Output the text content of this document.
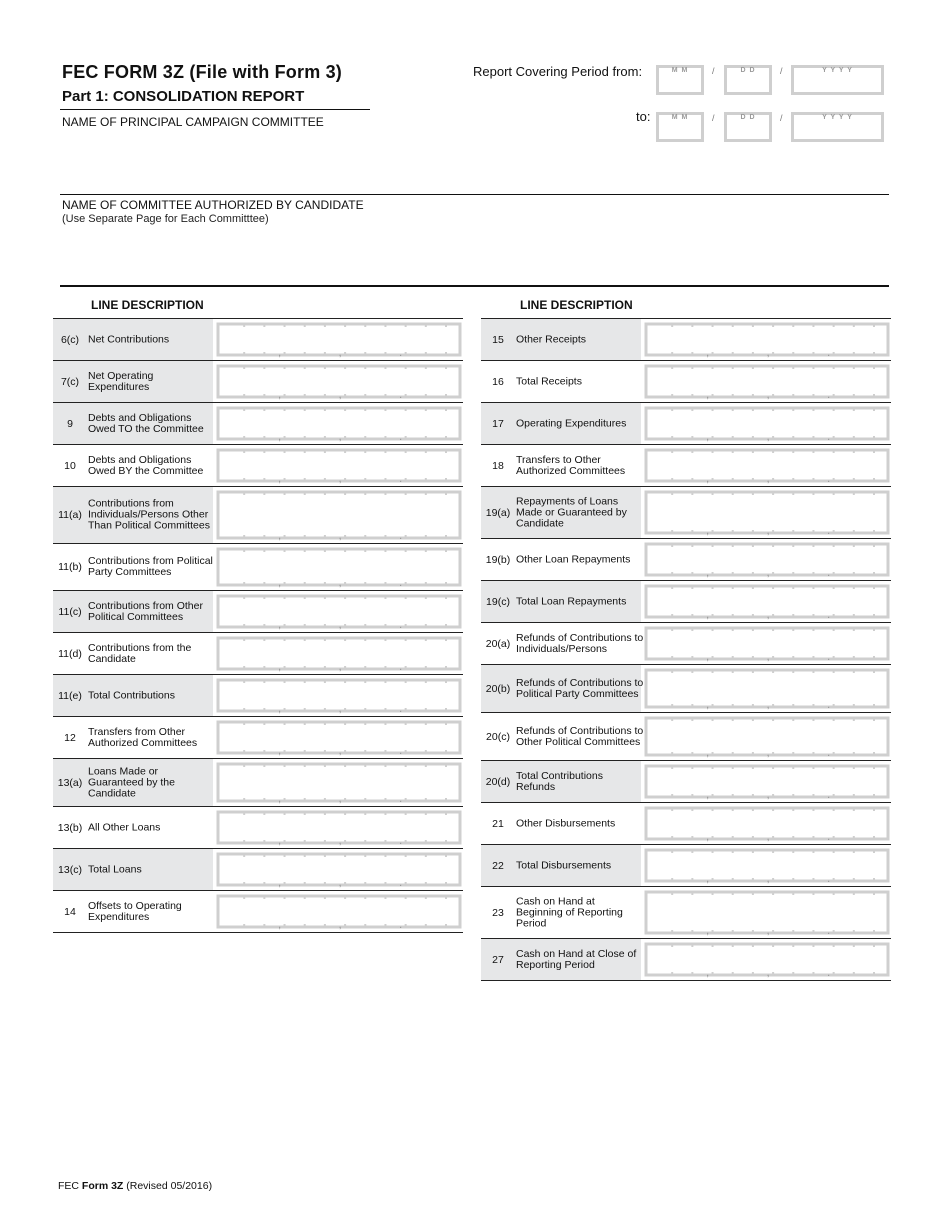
FEC FORM 3Z (File with Form 3)
Part 1: CONSOLIDATION REPORT
NAME OF PRINCIPAL CAMPAIGN COMMITTEE
Report Covering Period from:
to:
M M	/	D D	/	Y Y Y Y
M M	/	D D	/	Y Y Y Y
NAME OF COMMITTEE AUTHORIZED BY CANDIDATE
(Use Separate Page for Each Committtee)
LINE DESCRIPTION	LINE DESCRIPTION
6(c) Net Contributions
,	,	.
7(c) Net Operating Expenditures
,	,	.
9	Debts and Obligations Owed TO the Committee
,	,	.
10	Debts and Obligations Owed BY the Committee
,	,	.
11(a)
Contributions from Individuals/Persons Other Than Political Committees
,	,	.
11(b) Contributions from Political Party Committees
,	,	.
11(c) Contributions from Other Political Committees
,	,	.
11(d) Contributions from the Candidate
,	,	.
11(e) Total Contributions
,	,	.
12	Transfers from Other Authorized Committees
,	,	.
13(a)
Loans Made or Guaranteed by the Candidate
,	,	.
13(b) All Other Loans
,	,	.
13(c) Total Loans
,	,	.
14	Offsets to Operating Expenditures
,	,	.
15	Other Receipts
,	,	.
16	Total Receipts
,	,	.
17	Operating Expenditures
,	,	.
18	Transfers to Other Authorized Committees
,	,	.
19(a)
Repayments of Loans Made or Guaranteed by Candidate
,	,	.
19(b) Other Loan Repayments
,	,	.
19(c) Total Loan Repayments
,	,	.
20(a) Refunds of Contributions to Individuals/Persons
,	,	.
20(b) Refunds of Contributions to Political Party Committees
,	,	.
20(c) Refunds of Contributions to Other Political Committees
,	,	.
20(d) Total Contributions Refunds
,	,	.
21	Other Disbursements
,	,	.
22	Total Disbursements
,	,	.
23
Cash on Hand at Beginning of Reporting Period
,	,	.
27	Cash on Hand at Close of Reporting Period
,	,	.
FEC Form 3Z (Revised 05/2016)
